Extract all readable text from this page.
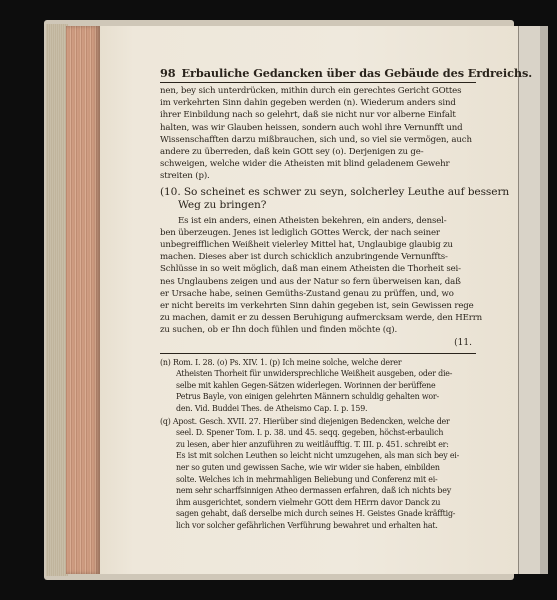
98 Erbauliche Gedancken über das Gebäude des Erdreichs.
nen, bey sich unterdrücken, mithin durch ein gerechtes Gericht GOttes
im verkehrten Sinn dahin gegeben werden (n). Wiederum anders sind
ihrer Einbildung nach so gelehrt, daß sie nicht nur vor alberne Einfalt
halten, was wir Glauben heissen, sondern auch wohl ihre Vernunfft und
Wissenschafften darzu mißbrauchen, sich und, so viel sie vermögen, auch
andere zu überreden, daß kein GOtt sey (o). Derjenigen zu ge-
schweigen, welche wider die Atheisten mit blind geladenem Gewehr
streiten (p).
(10. So scheinet es schwer zu seyn, solcherley Leuthe auf bessern
Weg zu bringen?
Es ist ein anders, einen Atheisten bekehren, ein anders, densel-
ben überzeugen. Jenes ist lediglich GOttes Werck, der nach seiner
unbegreifflichen Weißheit vielerley Mittel hat, Unglaubige glaubig zu
machen. Dieses aber ist durch schicklich anzubringende Vernunffts-
Schlüsse in so weit möglich, daß man einem Atheisten die Thorheit sei-
nes Unglaubens zeigen und aus der Natur so fern überweisen kan, daß
er Ursache habe, seinen Gemüths-Zustand genau zu prüffen, und, wo
er nicht bereits im verkehrten Sinn dahin gegeben ist, sein Gewissen rege
zu machen, damit er zu dessen Beruhigung aufmercksam werde, den HErrn
zu suchen, ob er Ihn doch fühlen und finden möchte (q).
(11.
(n) Rom. I. 28. (o) Ps. XIV. 1. (p) Ich meine solche, welche derer
Atheisten Thorheit für unwidersprechliche Weißheit ausgeben, oder die-
selbe mit kahlen Gegen-Sätzen widerlegen. Worinnen der berüffene
Petrus Bayle, von einigen gelehrten Männern schuldig gehalten wor-
den. Vid. Buddei Thes. de Atheismo Cap. I. p. 159.
(q) Apost. Gesch. XVII. 27. Hierüber sind diejenigen Bedencken, welche der
seel. D. Spener Tom. I. p. 38. und 45. seqq. gegeben, höchst-erbaulich
zu lesen, aber hier anzuführen zu weitläufftig. T. III. p. 451. schreibt er:
Es ist mit solchen Leuthen so leicht nicht umzugehen, als man sich bey ei-
ner so guten und gewissen Sache, wie wir wider sie haben, einbilden
solte. Welches ich in mehrmahligen Beliebung und Conferenz mit ei-
nem sehr scharffsinnigen Atheo dermassen erfahren, daß ich nichts bey
ihm ausgerichtet, sondern vielmehr GOtt dem HErrn davor Danck zu
sagen gehabt, daß derselbe mich durch seines H. Geistes Gnade kräfftig-
lich vor solcher gefährlichen Verführung bewahret und erhalten hat.
